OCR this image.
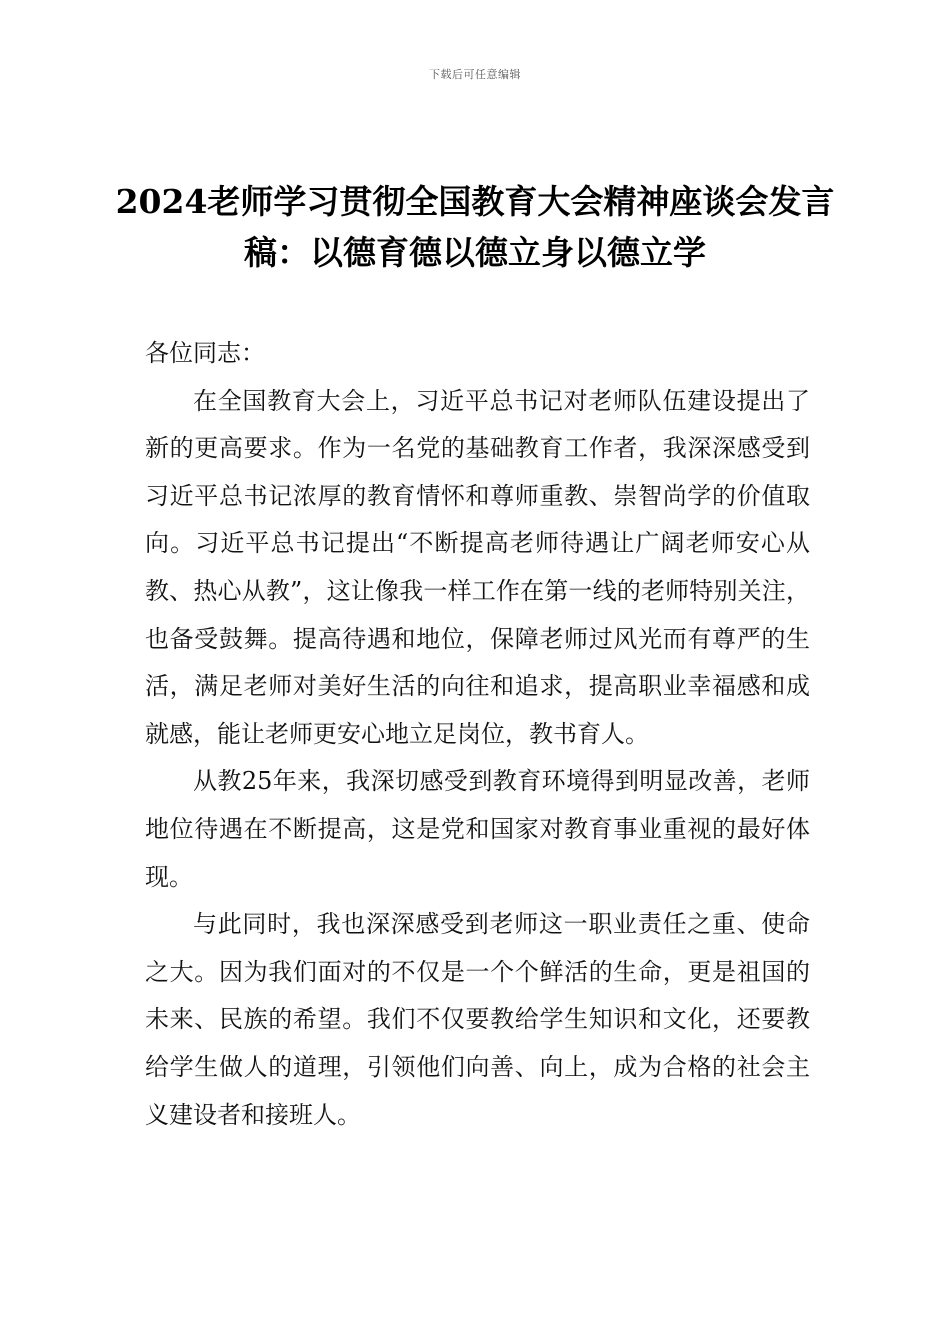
下载后可任意编辑
2024老师学习贯彻全国教育大会精神座谈会发言稿：以德育德以德立身以德立学

各位同志：

在全国教育大会上，习近平总书记对老师队伍建设提出了新的更高要求。作为一名党的基础教育工作者，我深深感受到习近平总书记浓厚的教育情怀和尊师重教、崇智尚学的价值取向。习近平总书记提出“不断提高老师待遇让广阔老师安心从教、热心从教”，这让像我一样工作在第一线的老师特别关注，也备受鼓舞。提高待遇和地位，保障老师过风光而有尊严的生活，满足老师对美好生活的向往和追求，提高职业幸福感和成就感，能让老师更安心地立足岗位，教书育人。

从教25年来，我深切感受到教育环境得到明显改善，老师地位待遇在不断提高，这是党和国家对教育事业重视的最好体现。

与此同时，我也深深感受到老师这一职业责任之重、使命之大。因为我们面对的不仅是一个个鲜活的生命，更是祖国的未来、民族的希望。我们不仅要教给学生知识和文化，还要教给学生做人的道理，引领他们向善、向上，成为合格的社会主义建设者和接班人。
